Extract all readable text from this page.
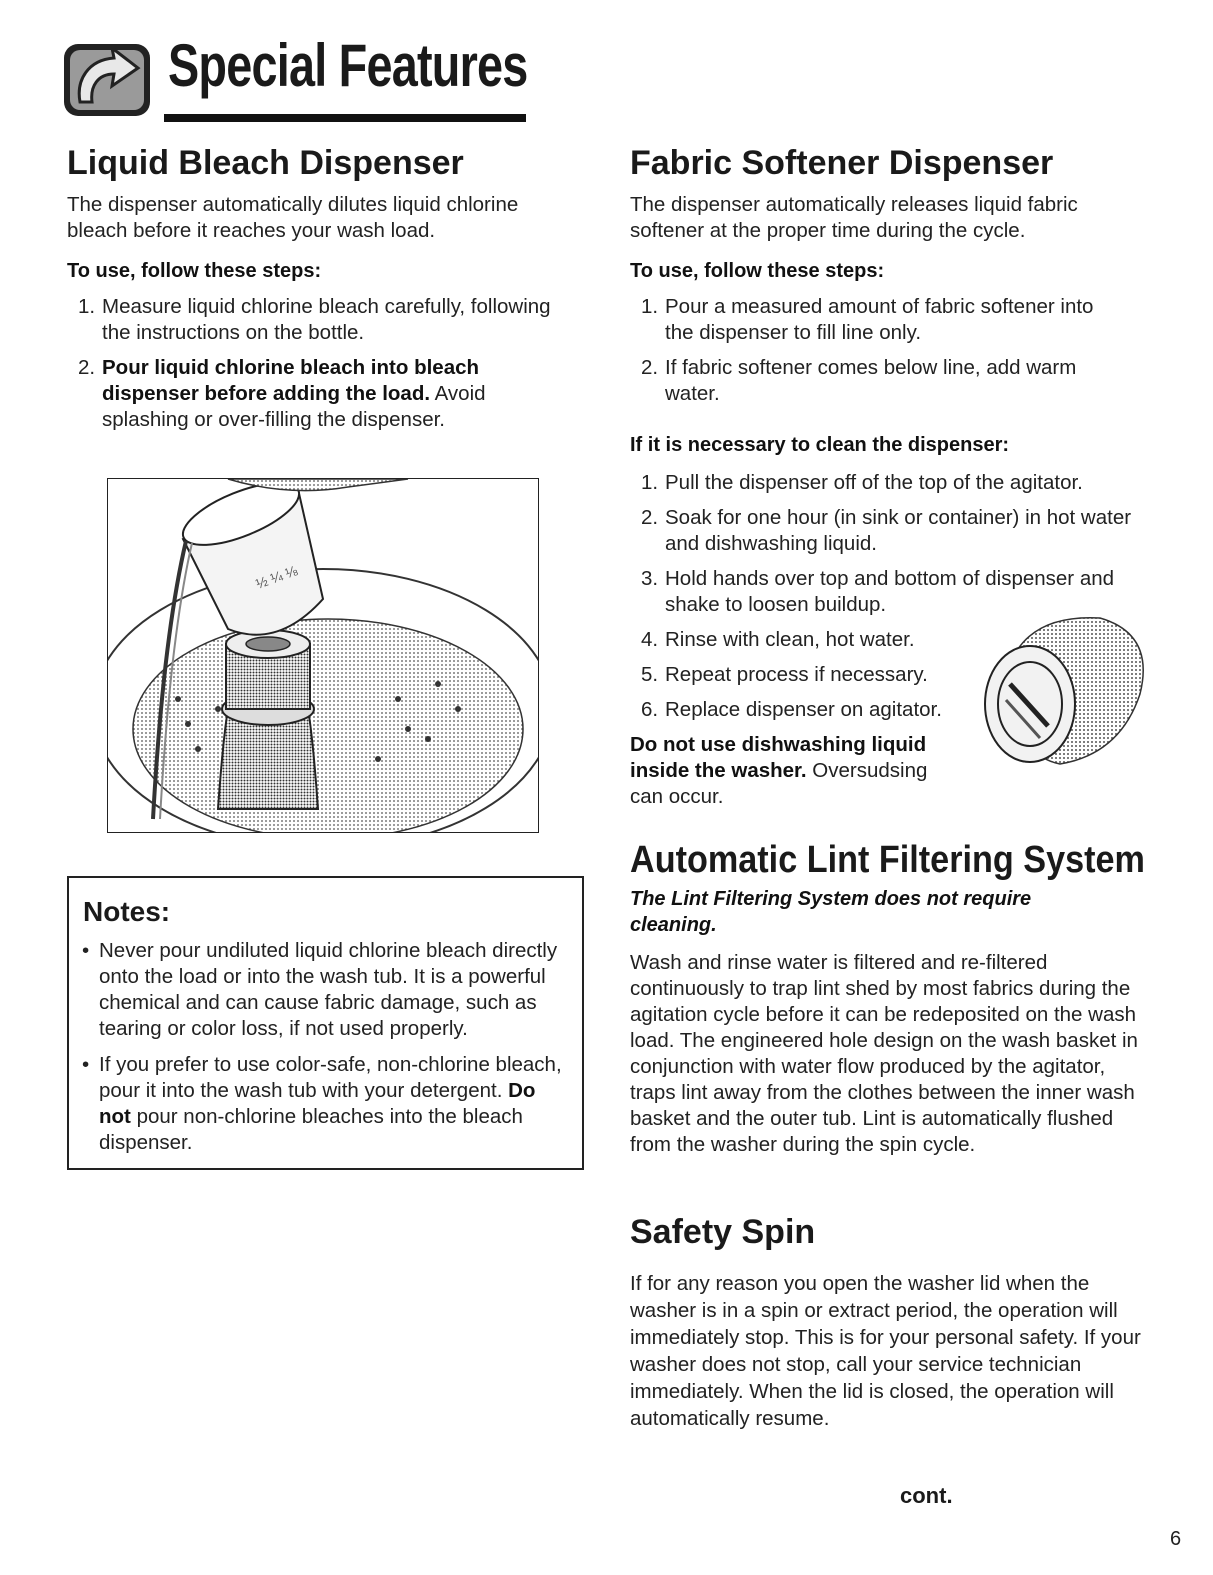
Special Features
Liquid Bleach Dispenser

The dispenser automatically dilutes liquid chlorine bleach before it reaches your wash load.

To use, follow these steps:

1. Measure liquid chlorine bleach carefully, following the instructions on the bottle.
2. Pour liquid chlorine bleach into bleach dispenser before adding the load. Avoid splashing or over-filling the dispenser.
½ ¼ ⅛
Notes:
• Never pour undiluted liquid chlorine bleach directly onto the load or into the wash tub. It is a powerful chemical and can cause fabric damage, such as tearing or color loss, if not used properly.
• If you prefer to use color-safe, non-chlorine bleach, pour it into the wash tub with your detergent. Do not pour non-chlorine bleaches into the bleach dispenser.
Fabric Softener Dispenser

The dispenser automatically releases liquid fabric softener at the proper time during the cycle.

To use, follow these steps:

1. Pour a measured amount of fabric softener into the dispenser to fill line only.
2. If fabric softener comes below line, add warm water.

If it is necessary to clean the dispenser:

1. Pull the dispenser off of the top of the agitator.
2. Soak for one hour (in sink or container) in hot water and dishwashing liquid.
3. Hold hands over top and bottom of dispenser and shake to loosen buildup.
4. Rinse with clean, hot water.
5. Repeat process if necessary.
6. Replace dispenser on agitator.

Do not use dishwashing liquid inside the washer. Oversudsing can occur.

Automatic Lint Filtering System

The Lint Filtering System does not require cleaning.

Wash and rinse water is filtered and re-filtered continuously to trap lint shed by most fabrics during the agitation cycle before it can be redeposited on the wash load. The engineered hole design on the wash basket in conjunction with water flow produced by the agitator, traps lint away from the clothes between the inner wash basket and the outer tub. Lint is automatically flushed from the washer during the spin cycle.

Safety Spin

If for any reason you open the washer lid when the washer is in a spin or extract period, the operation will immediately stop. This is for your personal safety. If your washer does not stop, call your service technician immediately. When the lid is closed, the operation will automatically resume.

cont.
6
